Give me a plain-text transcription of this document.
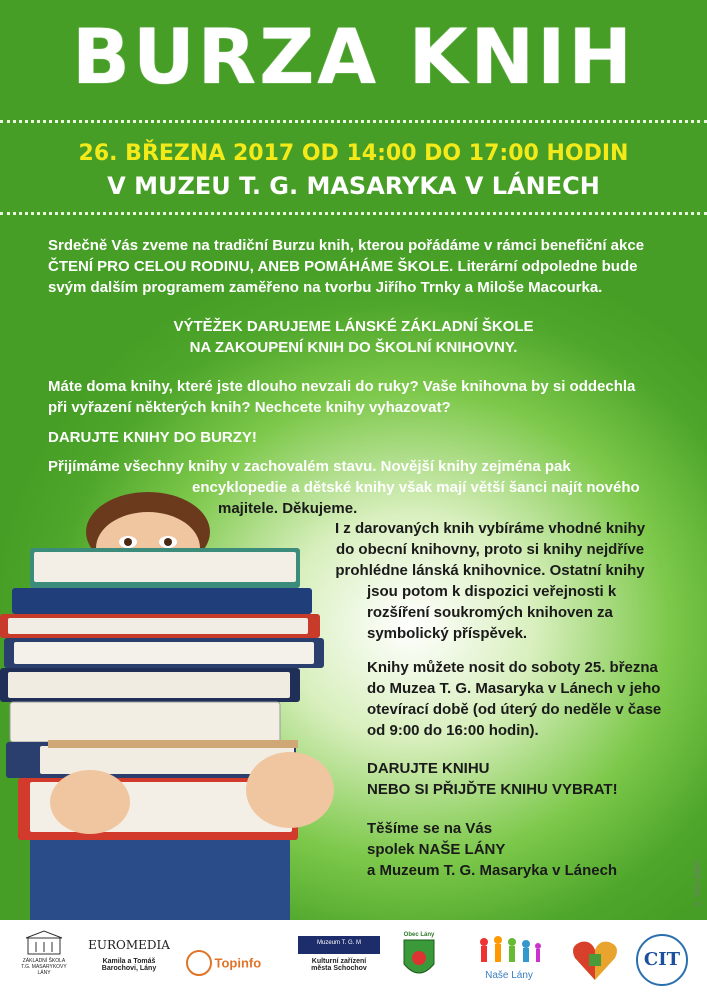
BURZA KNIH
26. BŘEZNA 2017 OD 14:00 DO 17:00 HODIN
V MUZEU T. G. MASARYKA V LÁNECH
Srdečně Vás zveme na tradiční Burzu knih, kterou pořádáme v rámci benefiční akce
ČTENÍ PRO CELOU RODINU, ANEB POMÁHÁME ŠKOLE. Literární odpoledne bude
svým dalším programem zaměřeno na tvorbu Jiřího Trnky a Miloše Macourka.
VÝTĚŽEK DARUJEME LÁNSKÉ ZÁKLADNÍ ŠKOLE
NA ZAKOUPENÍ KNIH DO ŠKOLNÍ KNIHOVNY.
Máte doma knihy, které jste dlouho nevzali do ruky? Vaše knihovna by si oddechla
při vyřazení některých knih? Nechcete knihy vyhazovat?
DARUJTE KNIHY DO BURZY!
Přijímáme všechny knihy v zachovalém stavu. Novější knihy zejména pak
encyklopedie a dětské knihy však mají větší šanci najít nového
majitele. Děkujeme.
I z darovaných knih vybíráme vhodné knihy
do obecní knihovny, proto si knihy nejdříve
prohlédne lánská knihovnice. Ostatní knihy
jsou potom k dispozici veřejnosti k
rozšíření soukromých knihoven za
symbolický příspěvek.
Knihy můžete nosit do soboty 25. března
do Muzea T. G. Masaryka v Lánech v jeho
otevírací době (od úterý do neděle v čase
od 9:00 do 16:00 hodin).
DARUJTE KNIHU
NEBO SI PŘIJĎTE KNIHU VYBRAT!
Těšíme se na Vás
spolek NAŠE LÁNY
a Muzeum T. G. Masaryka v Lánech	© velící papíci
ZÁKLADNÍ ŠKOLA
T.G. MASARYKOVY
LÁNY
EUROMEDIA
Kamila a Tomáš
Barochovi, Lány	Topinfo
Muzeum T. G. M
Kulturní zařízení
města Schochov
Obec Lány
Naše Lány
CIT
